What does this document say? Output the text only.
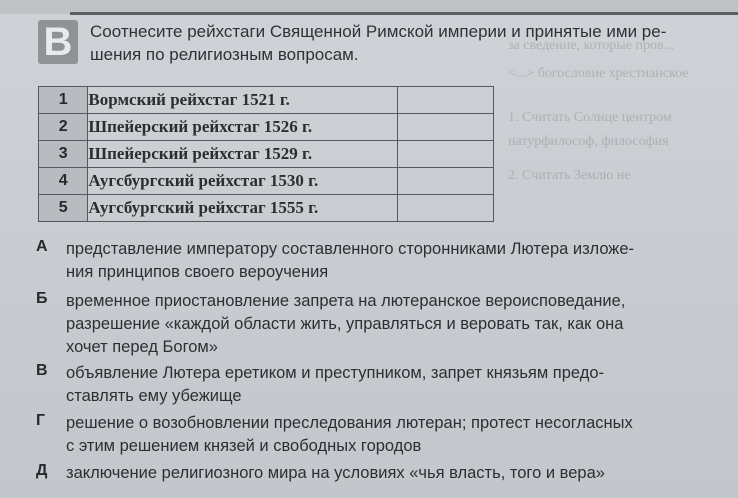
за сведение, которые пров...
<...> богословие хрестианское
1. Считать Солнце центром
натурфилософ, философия
2. Считать Землю не
В	Соотнесите рейхстаги Священной Римской империи и принятые ими ре-
шения по религиозным вопросам.
1	Вормский рейхстаг 1521 г.	
2	Шпейерский рейхстаг 1526 г.	
3	Шпейерский рейхстаг 1529 г.	
4	Аугсбургский рейхстаг 1530 г.	
5	Аугсбургский рейхстаг 1555 г.	
А представление императору составленного сторонниками Лютера изложе-
ния принципов своего вероучения
Б временное приостановление запрета на лютеранское вероисповедание,
разрешение «каждой области жить, управляться и веровать так, как она
хочет перед Богом»
В объявление Лютера еретиком и преступником, запрет князьям предо-
ставлять ему убежище
Г решение о возобновлении преследования лютеран; протест несогласных
с этим решением князей и свободных городов
Д заключение религиозного мира на условиях «чья власть, того и вера»
